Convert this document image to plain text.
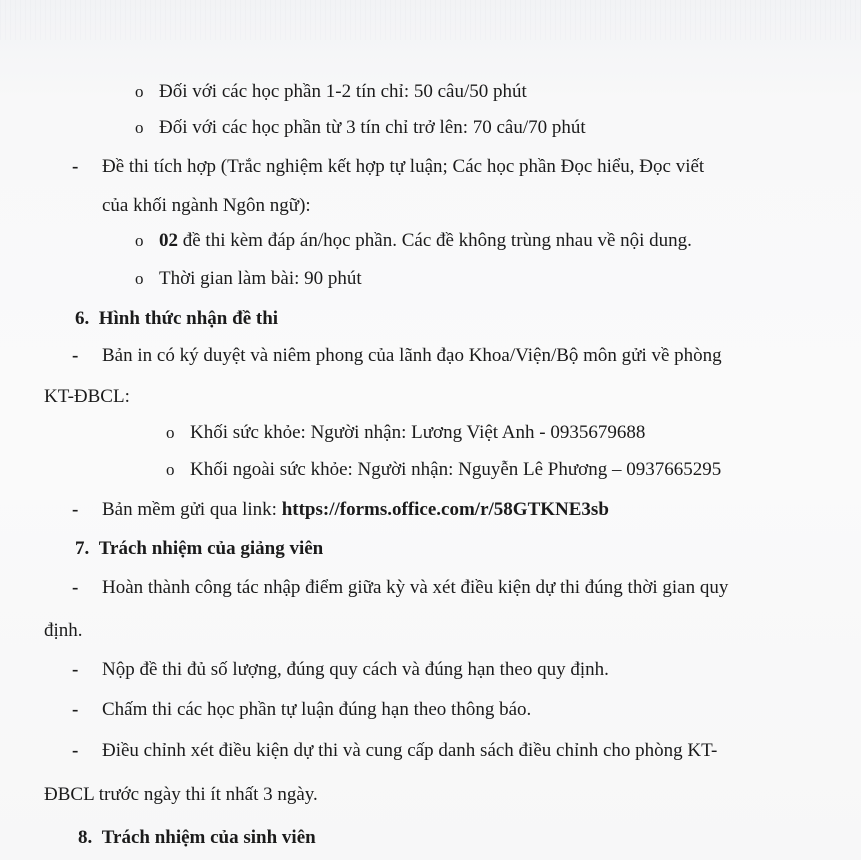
o Đối với các học phần 1-2 tín chỉ: 50 câu/50 phút
o Đối với các học phần từ 3 tín chỉ trở lên: 70 câu/70 phút
- Đề thi tích hợp (Trắc nghiệm kết hợp tự luận; Các học phần Đọc hiểu, Đọc viết
của khối ngành Ngôn ngữ):
o 02 đề thi kèm đáp án/học phần. Các đề không trùng nhau về nội dung.
o Thời gian làm bài: 90 phút
6. Hình thức nhận đề thi
- Bản in có ký duyệt và niêm phong của lãnh đạo Khoa/Viện/Bộ môn gửi về phòng
KT-ĐBCL:
o Khối sức khỏe: Người nhận: Lương Việt Anh - 0935679688
o Khối ngoài sức khỏe: Người nhận: Nguyễn Lê Phương – 0937665295
- Bản mềm gửi qua link: https://forms.office.com/r/58GTKNE3sb
7. Trách nhiệm của giảng viên
- Hoàn thành công tác nhập điểm giữa kỳ và xét điều kiện dự thi đúng thời gian quy
định.
- Nộp đề thi đủ số lượng, đúng quy cách và đúng hạn theo quy định.
- Chấm thi các học phần tự luận đúng hạn theo thông báo.
- Điều chỉnh xét điều kiện dự thi và cung cấp danh sách điều chỉnh cho phòng KT-
ĐBCL trước ngày thi ít nhất 3 ngày.
8. Trách nhiệm của sinh viên
